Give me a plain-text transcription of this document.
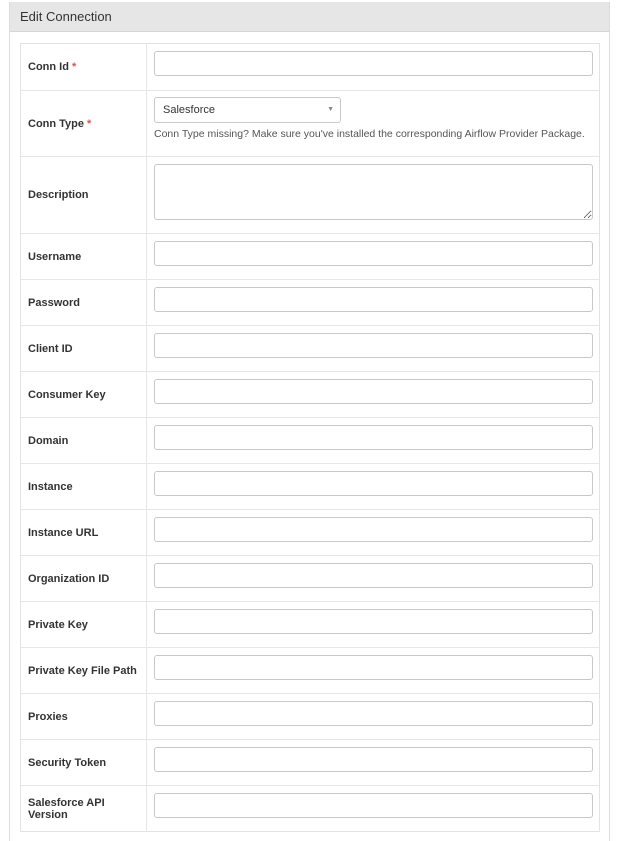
Edit Connection
Conn Id *
Conn Type *
Salesforce	▼
Conn Type missing? Make sure you've installed the corresponding Airflow Provider Package.
Description
Username
Password
Client ID
Consumer Key
Domain
Instance
Instance URL
Organization ID
Private Key
Private Key File Path
Proxies
Security Token
Salesforce API Version
